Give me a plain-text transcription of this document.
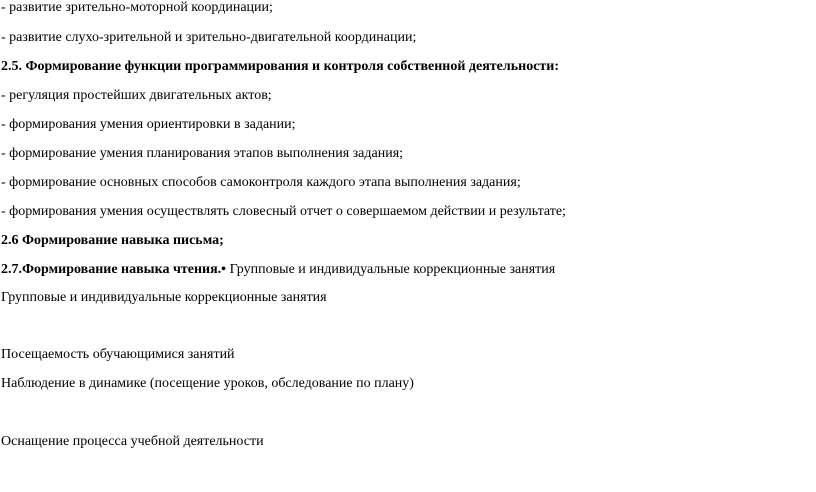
- развитие зрительно-моторной координации;
- развитие слухо-зрительной и зрительно-двигательной координации;
2.5. Формирование функции программирования и контроля собственной деятельности:
- регуляция простейших двигательных актов;
- формирования умения ориентировки в задании;
- формирование умения планирования этапов выполнения задания;
- формирование основных способов самоконтроля каждого этапа выполнения задания;
- формирования умения осуществлять словесный отчет о совершаемом действии и результате;
2.6 Формирование навыка письма;
2.7.Формирование навыка чтения.• Групповые и индивидуальные коррекционные занятия
Групповые и индивидуальные коррекционные занятия
Посещаемость обучающимися занятий
Наблюдение в динамике (посещение уроков, обследование по плану)
Оснащение процесса учебной деятельности
